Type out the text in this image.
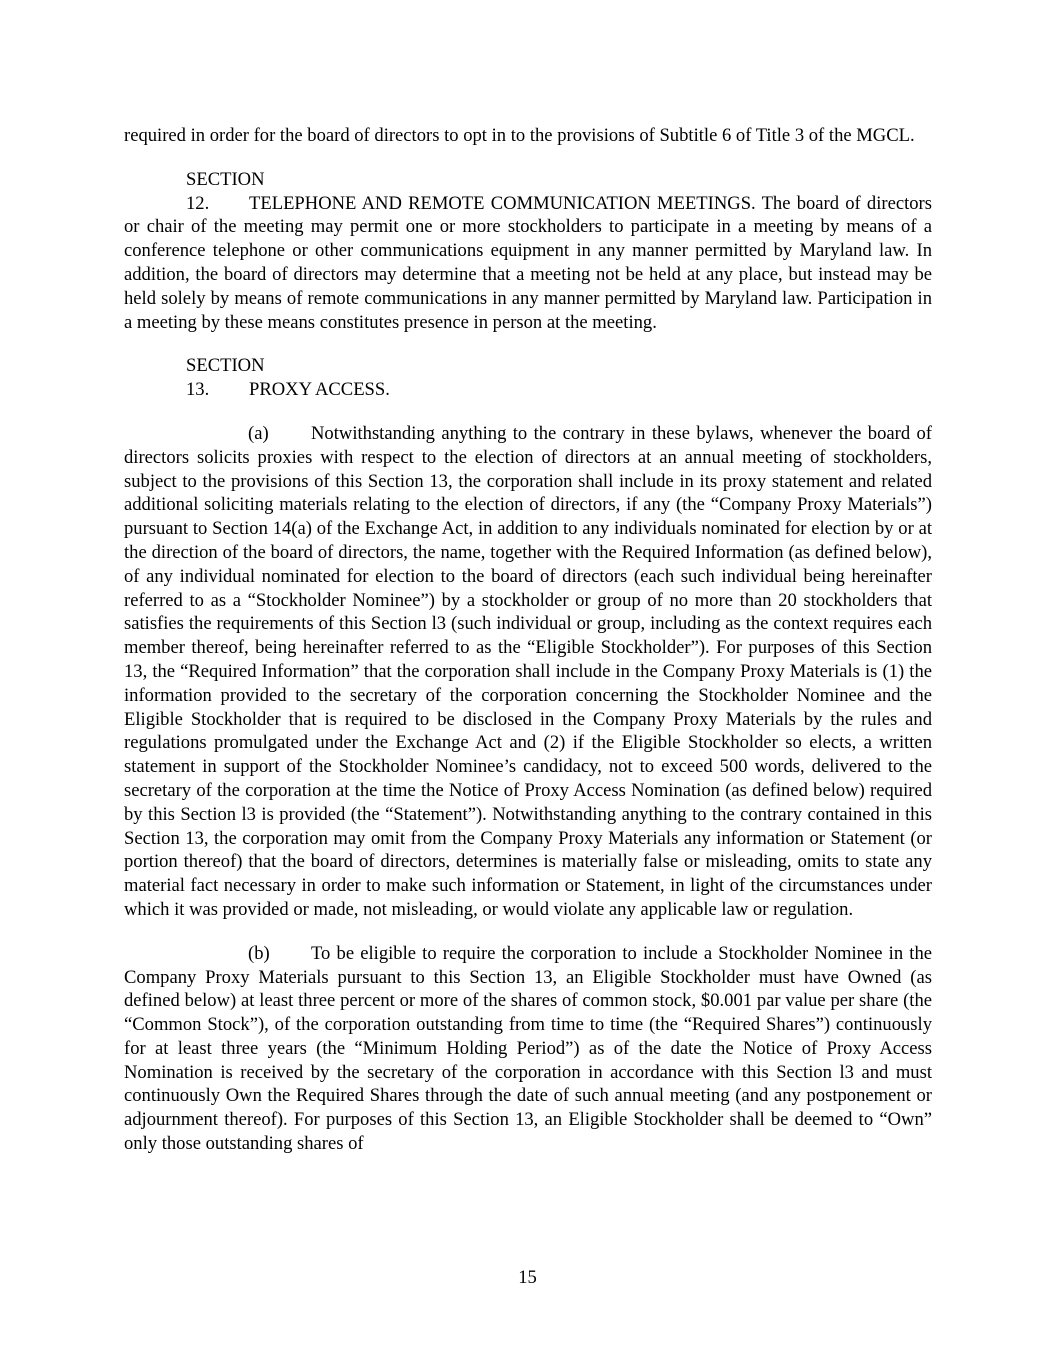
required in order for the board of directors to opt in to the provisions of Subtitle 6 of Title 3 of the MGCL.

SECTION 12. TELEPHONE AND REMOTE COMMUNICATION MEETINGS. The board of directors or chair of the meeting may permit one or more stockholders to participate in a meeting by means of a conference telephone or other communications equipment in any manner permitted by Maryland law. In addition, the board of directors may determine that a meeting not be held at any place, but instead may be held solely by means of remote communications in any manner permitted by Maryland law. Participation in a meeting by these means constitutes presence in person at the meeting.

SECTION 13. PROXY ACCESS.

(a) Notwithstanding anything to the contrary in these bylaws, whenever the board of directors solicits proxies with respect to the election of directors at an annual meeting of stockholders, subject to the provisions of this Section 13, the corporation shall include in its proxy statement and related additional soliciting materials relating to the election of directors, if any (the “Company Proxy Materials”) pursuant to Section 14(a) of the Exchange Act, in addition to any individuals nominated for election by or at the direction of the board of directors, the name, together with the Required Information (as defined below), of any individual nominated for election to the board of directors (each such individual being hereinafter referred to as a “Stockholder Nominee”) by a stockholder or group of no more than 20 stockholders that satisfies the requirements of this Section l3 (such individual or group, including as the context requires each member thereof, being hereinafter referred to as the “Eligible Stockholder”). For purposes of this Section 13, the “Required Information” that the corporation shall include in the Company Proxy Materials is (1) the information provided to the secretary of the corporation concerning the Stockholder Nominee and the Eligible Stockholder that is required to be disclosed in the Company Proxy Materials by the rules and regulations promulgated under the Exchange Act and (2) if the Eligible Stockholder so elects, a written statement in support of the Stockholder Nominee’s candidacy, not to exceed 500 words, delivered to the secretary of the corporation at the time the Notice of Proxy Access Nomination (as defined below) required by this Section l3 is provided (the “Statement”). Notwithstanding anything to the contrary contained in this Section 13, the corporation may omit from the Company Proxy Materials any information or Statement (or portion thereof) that the board of directors, determines is materially false or misleading, omits to state any material fact necessary in order to make such information or Statement, in light of the circumstances under which it was provided or made, not misleading, or would violate any applicable law or regulation.

(b) To be eligible to require the corporation to include a Stockholder Nominee in the Company Proxy Materials pursuant to this Section 13, an Eligible Stockholder must have Owned (as defined below) at least three percent or more of the shares of common stock, $0.001 par value per share (the “Common Stock”), of the corporation outstanding from time to time (the “Required Shares”) continuously for at least three years (the “Minimum Holding Period”) as of the date the Notice of Proxy Access Nomination is received by the secretary of the corporation in accordance with this Section l3 and must continuously Own the Required Shares through the date of such annual meeting (and any postponement or adjournment thereof). For purposes of this Section 13, an Eligible Stockholder shall be deemed to “Own” only those outstanding shares of

15
